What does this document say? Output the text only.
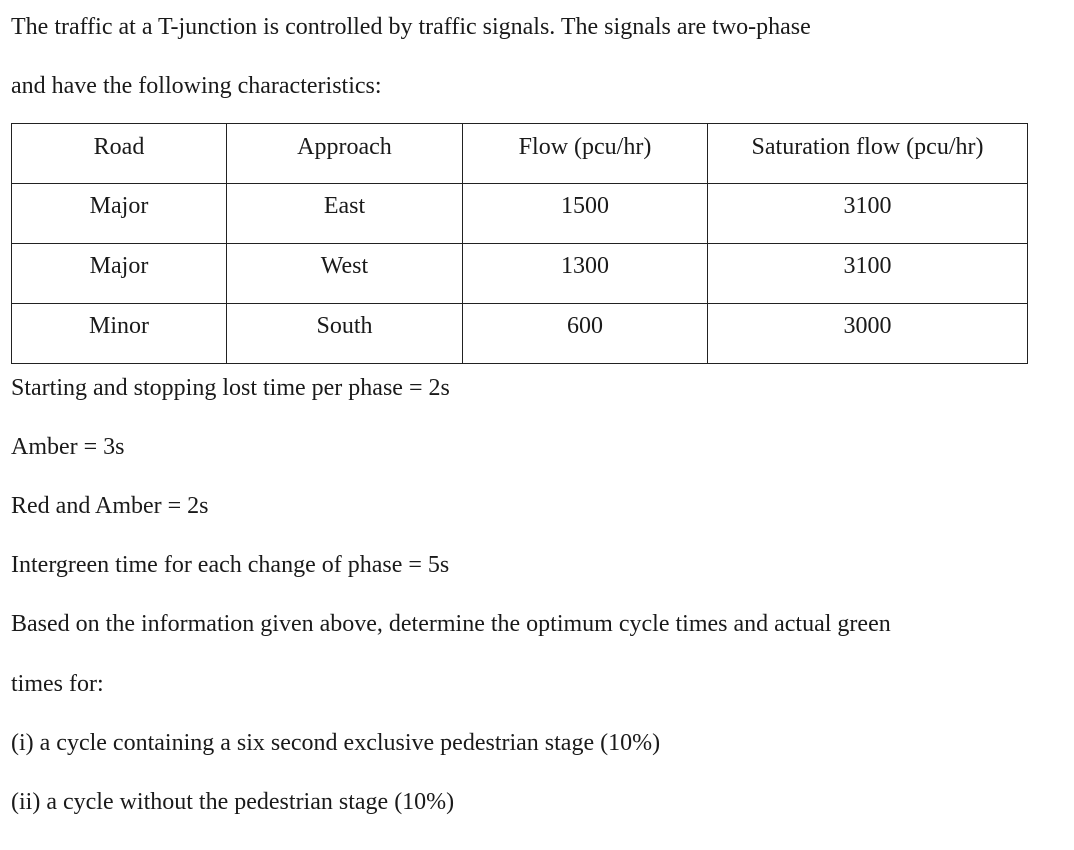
The traffic at a T-junction is controlled by traffic signals. The signals are two-phase
and have the following characteristics:
Road	Approach	Flow (pcu/hr)	Saturation flow (pcu/hr)

Major	East	1500	3100

Major	West	1300	3100

Minor	South	600	3000
Starting and stopping lost time per phase = 2s
Amber = 3s
Red and Amber = 2s
Intergreen time for each change of phase = 5s
Based on the information given above, determine the optimum cycle times and actual green
times for:
(i) a cycle containing a six second exclusive pedestrian stage (10%)
(ii) a cycle without the pedestrian stage (10%)
